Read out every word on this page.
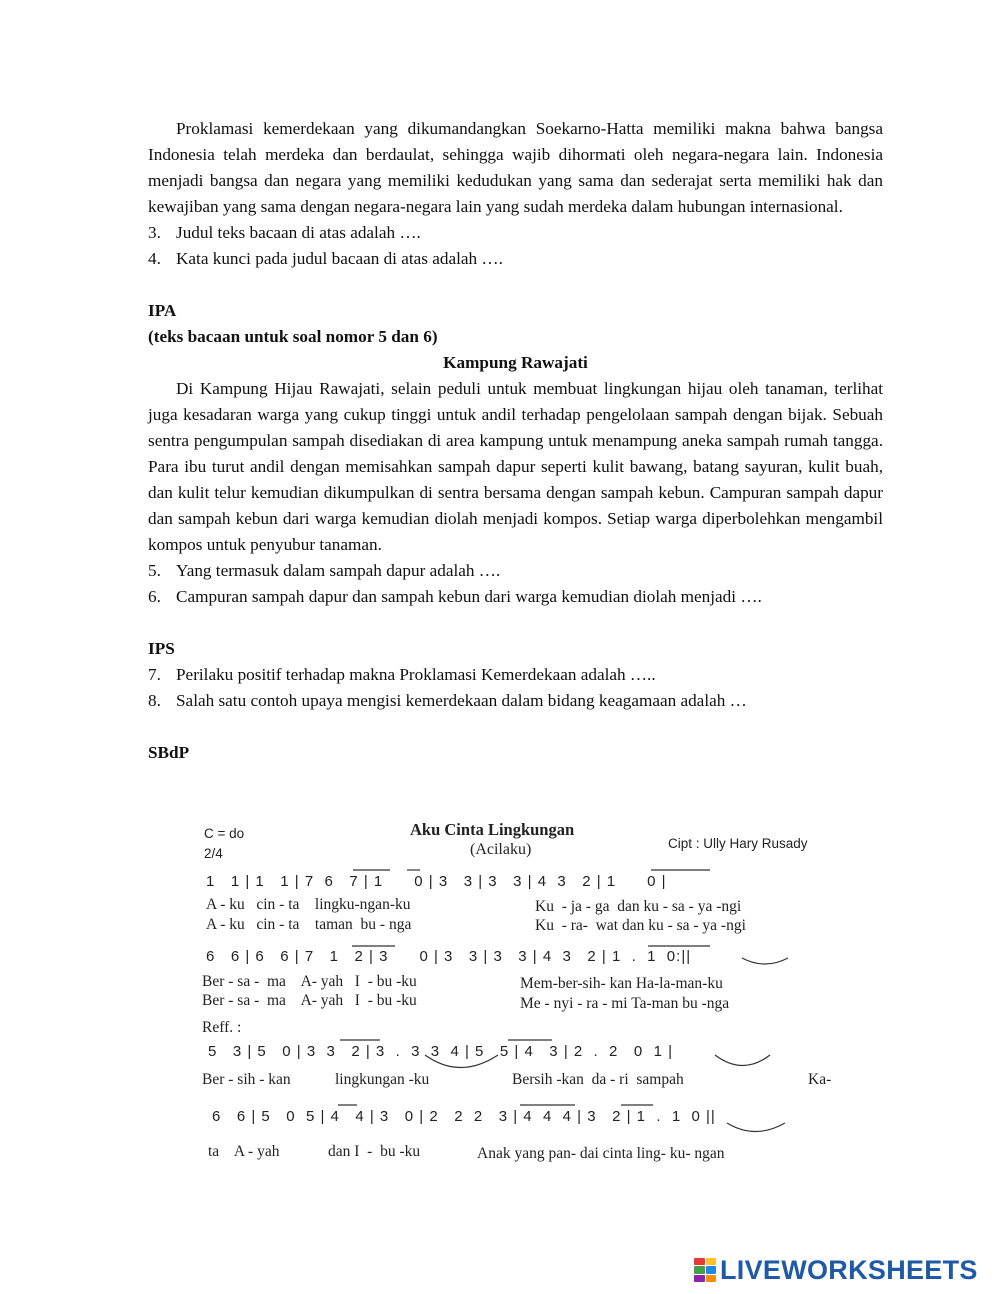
Proklamasi kemerdekaan yang dikumandangkan Soekarno-Hatta memiliki makna bahwa bangsa Indonesia telah merdeka dan berdaulat, sehingga wajib dihormati oleh negara-negara lain. Indonesia menjadi bangsa dan negara yang memiliki kedudukan yang sama dan sederajat serta memiliki hak dan kewajiban yang sama dengan negara-negara lain yang sudah merdeka dalam hubungan internasional.

3. Judul teks bacaan di atas adalah ….
4. Kata kunci pada judul bacaan di atas adalah ….

IPA

(teks bacaan untuk soal nomor 5 dan 6)

Kampung Rawajati

Di Kampung Hijau Rawajati, selain peduli untuk membuat lingkungan hijau oleh tanaman, terlihat juga kesadaran warga yang cukup tinggi untuk andil terhadap pengelolaan sampah dengan bijak. Sebuah sentra pengumpulan sampah disediakan di area kampung untuk menampung aneka sampah rumah tangga. Para ibu turut andil dengan memisahkan sampah dapur seperti kulit bawang, batang sayuran, kulit buah, dan kulit telur kemudian dikumpulkan di sentra bersama dengan sampah kebun. Campuran sampah dapur dan sampah kebun dari warga kemudian diolah menjadi kompos. Setiap warga diperbolehkan mengambil kompos untuk penyubur tanaman.

5. Yang termasuk dalam sampah dapur adalah ….
6. Campuran sampah dapur dan sampah kebun dari warga kemudian diolah menjadi ….

IPS

7. Perilaku positif terhadap makna Proklamasi Kemerdekaan adalah …..
8. Salah satu contoh upaya mengisi kemerdekaan dalam bidang keagamaan adalah …

SBdP

C = do
2/4
Aku Cinta Lingkungan
(Acilaku)	Cipt : Ully Hary Rusady
1   1 | 1   1 | 7  6   7 | 1      0 | 3   3 | 3   3 | 4  3   2 | 1      0 |
A - ku   cin - ta    lingku-ngan-ku
A - ku   cin - ta    taman  bu - nga
Ku  - ja - ga  dan ku - sa - ya -ngi
Ku  - ra-  wat dan ku - sa - ya -ngi
6   6 | 6   6 | 7   1   2 | 3      0 | 3   3 | 3   3 | 4  3   2 | 1  .  1  0:||
Ber - sa -  ma    A- yah   I  - bu -ku
Ber - sa -  ma    A- yah   I  - bu -ku
Mem-ber-sih- kan Ha-la-man-ku
Me - nyi - ra - mi Ta-man bu -nga
Reff. :
5   3 | 5   0 | 3  3   2 | 3  .  3  3  4 | 5   5 | 4   3 | 2  .  2   0  1 |
Ber - sih - kan	lingkungan -ku	Bersih -kan  da - ri  sampah	Ka-
6   6 | 5   0  5 | 4   4 | 3   0 | 2   2  2   3 | 4  4  4 | 3   2 | 1  .  1  0 ||
ta    A - yah	dan I  -  bu -ku	Anak yang pan- dai cinta ling- ku- ngan
LIVEWORKSHEETS
